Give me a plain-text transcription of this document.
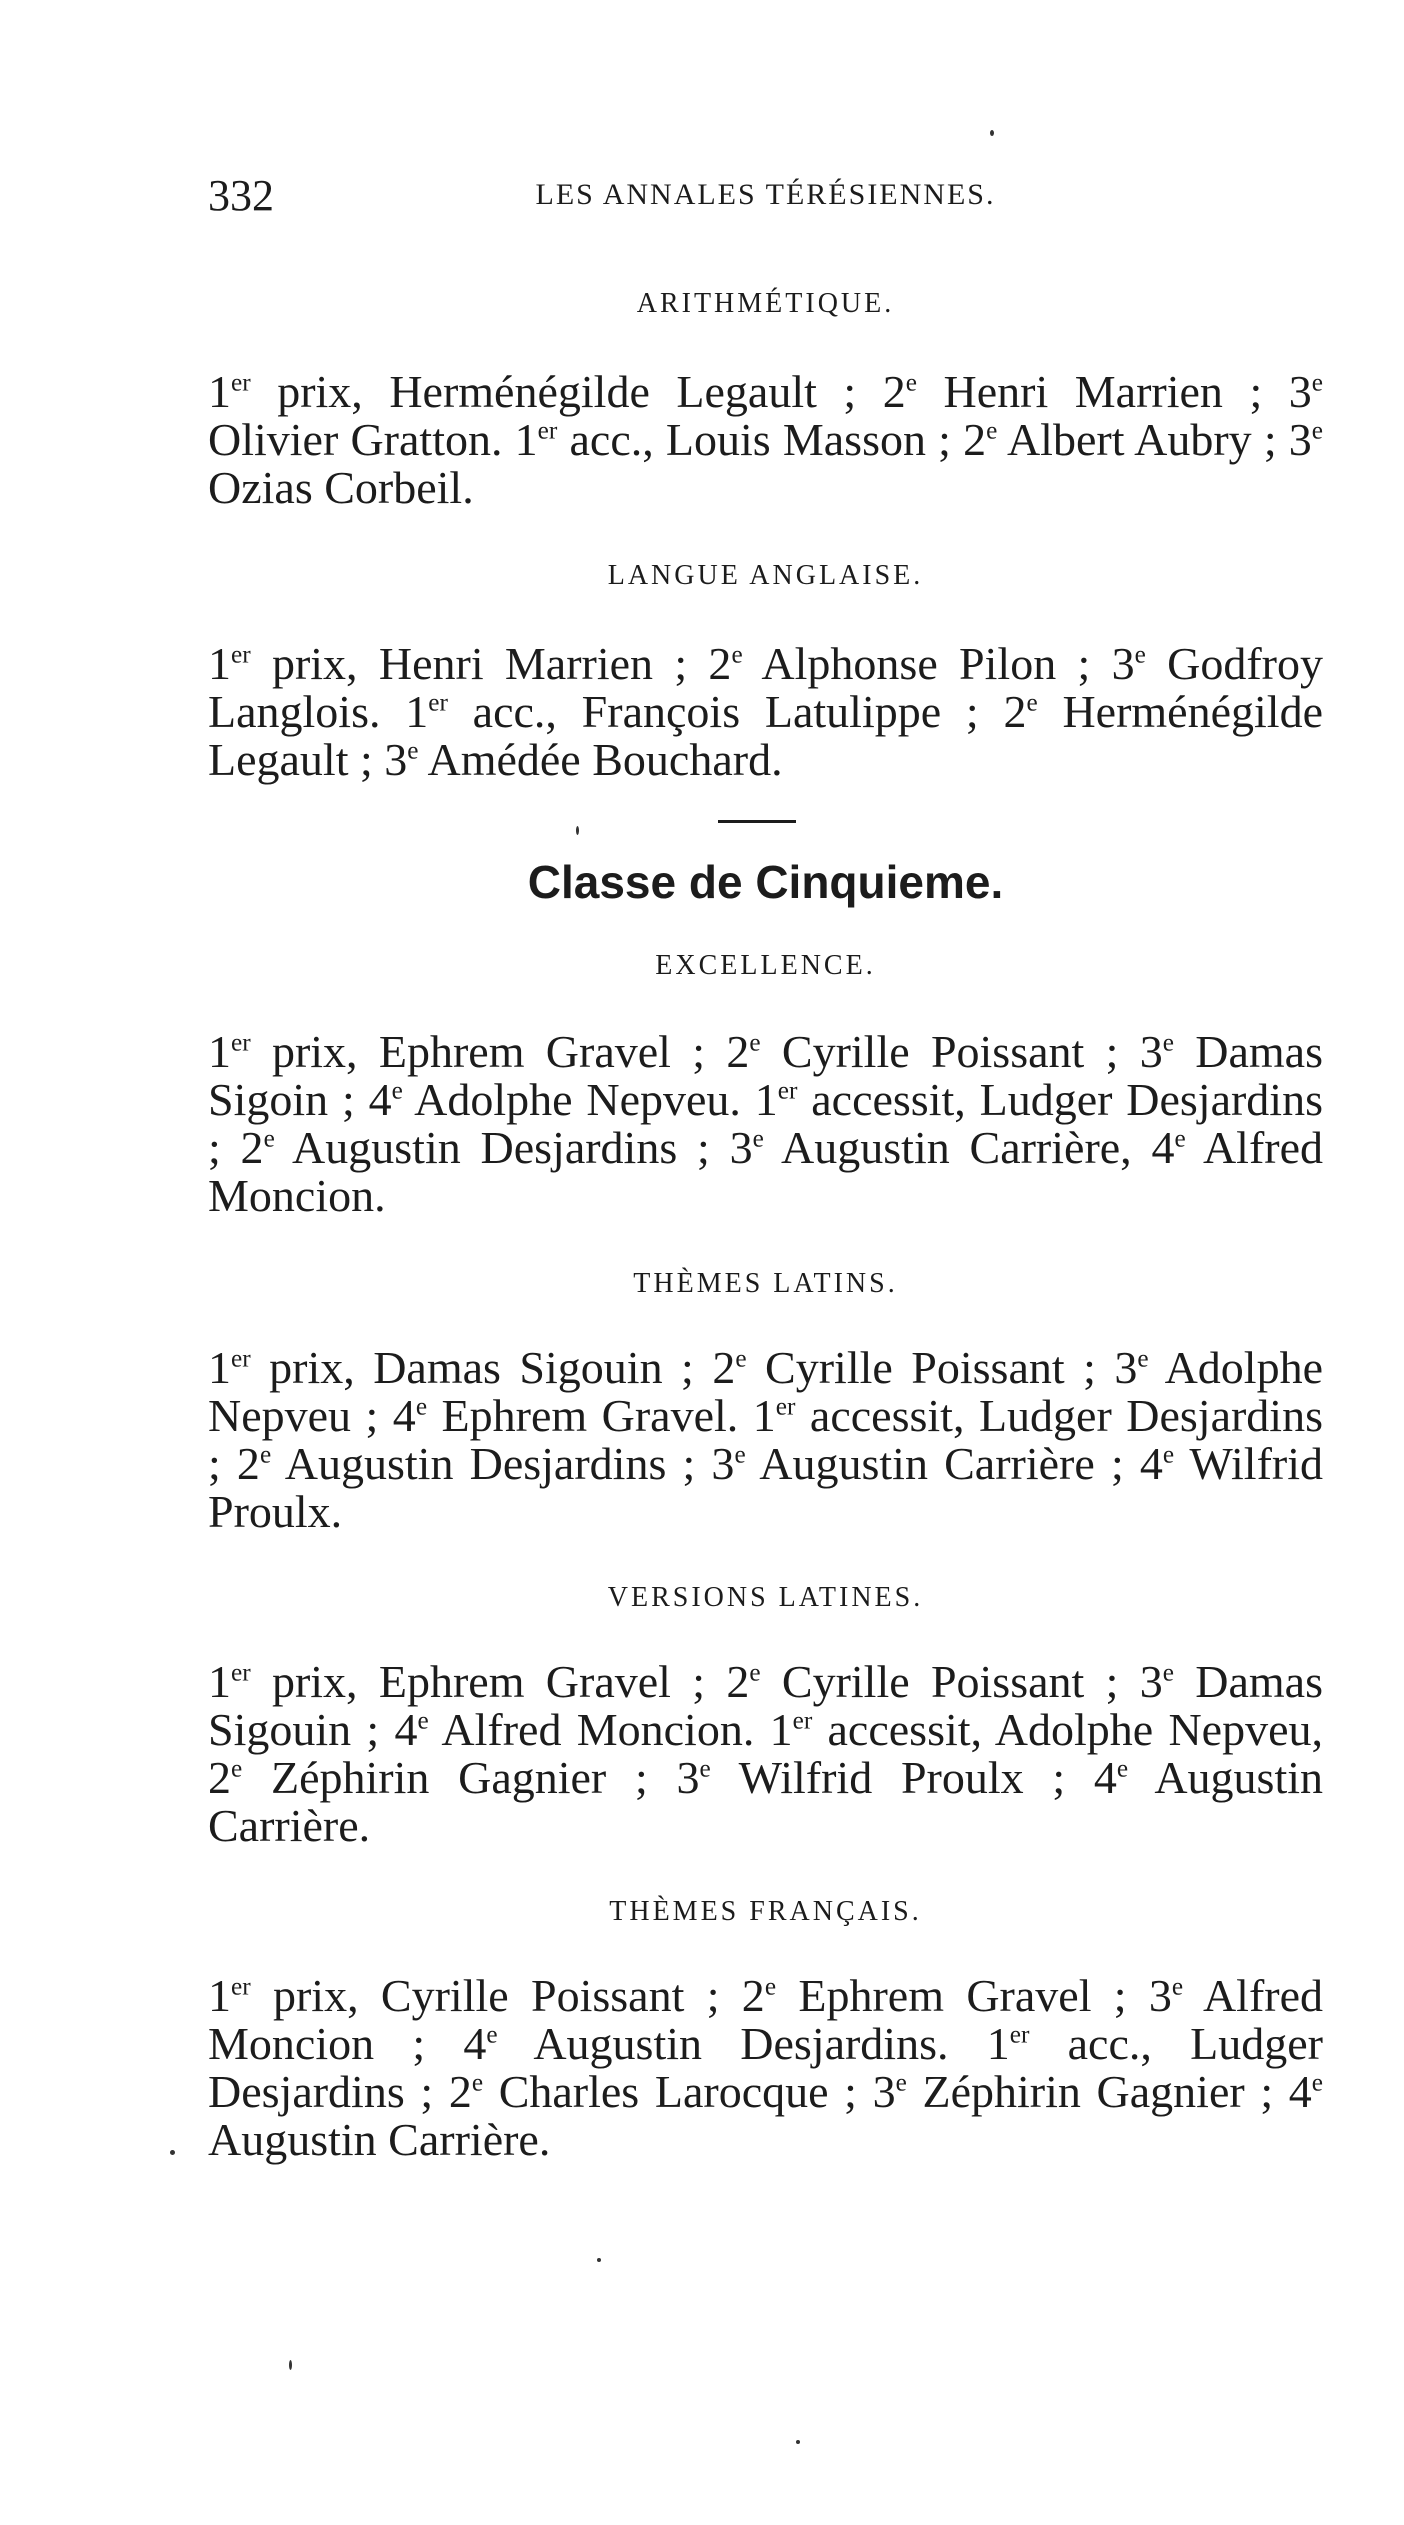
332	LES ANNALES TÉRÉSIENNES.
ARITHMÉTIQUE.
1er prix, Herménégilde Legault ; 2e Henri Marrien ; 3e Olivier Gratton. 1er acc., Louis Masson ; 2e Albert Aubry ; 3e Ozias Corbeil.
LANGUE ANGLAISE.
1er prix, Henri Marrien ; 2e Alphonse Pilon ; 3e Godfroy Langlois. 1er acc., François Latulippe ; 2e Herménégilde Legault ; 3e Amédée Bouchard.
Classe de Cinquieme.
EXCELLENCE.
1er prix, Ephrem Gravel ; 2e Cyrille Poissant ; 3e Damas Sigoin ; 4e Adolphe Nepveu. 1er accessit, Ludger Desjardins ; 2e Augustin Desjardins ; 3e Augustin Carrière, 4e Alfred Moncion.
THÈMES LATINS.
1er prix, Damas Sigouin ; 2e Cyrille Poissant ; 3e Adolphe Nepveu ; 4e Ephrem Gravel. 1er accessit, Ludger Desjardins ; 2e Augustin Desjardins ; 3e Augustin Carrière ; 4e Wilfrid Proulx.
VERSIONS LATINES.
1er prix, Ephrem Gravel ; 2e Cyrille Poissant ; 3e Damas Sigouin ; 4e Alfred Moncion. 1er accessit, Adolphe Nepveu, 2e Zéphirin Gagnier ; 3e Wilfrid Proulx ; 4e Augustin Carrière.
THÈMES FRANÇAIS.
1er prix, Cyrille Poissant ; 2e Ephrem Gravel ; 3e Alfred Moncion ; 4e Augustin Desjardins. 1er acc., Ludger Desjardins ; 2e Charles Larocque ; 3e Zéphirin Gagnier ; 4e Augustin Carrière.
